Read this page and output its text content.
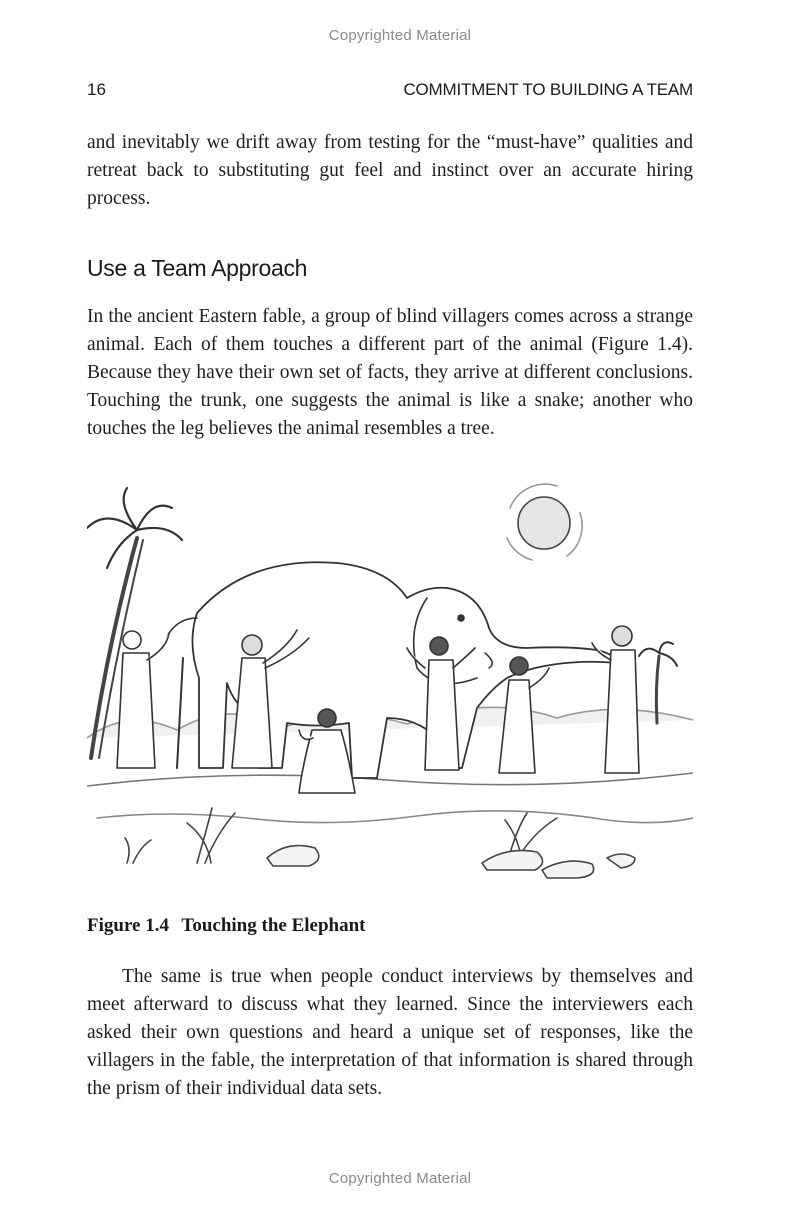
Copyrighted Material
16	COMMITMENT TO BUILDING A TEAM

and inevitably we drift away from testing for the “must-have” qualities and retreat back to substituting gut feel and instinct over an accurate hiring process.

Use a Team Approach

In the ancient Eastern fable, a group of blind villagers comes across a strange animal. Each of them touches a different part of the animal (Figure 1.4). Because they have their own set of facts, they arrive at different conclusions. Touching the trunk, one suggests the animal is like a snake; another who touches the leg believes the animal resembles a tree.

Figure 1.4 Touching the Elephant

The same is true when people conduct interviews by themselves and meet afterward to discuss what they learned. Since the interviewers each asked their own questions and heard a unique set of responses, like the villagers in the fable, the interpretation of that information is shared through the prism of their individual data sets.

Copyrighted Material
